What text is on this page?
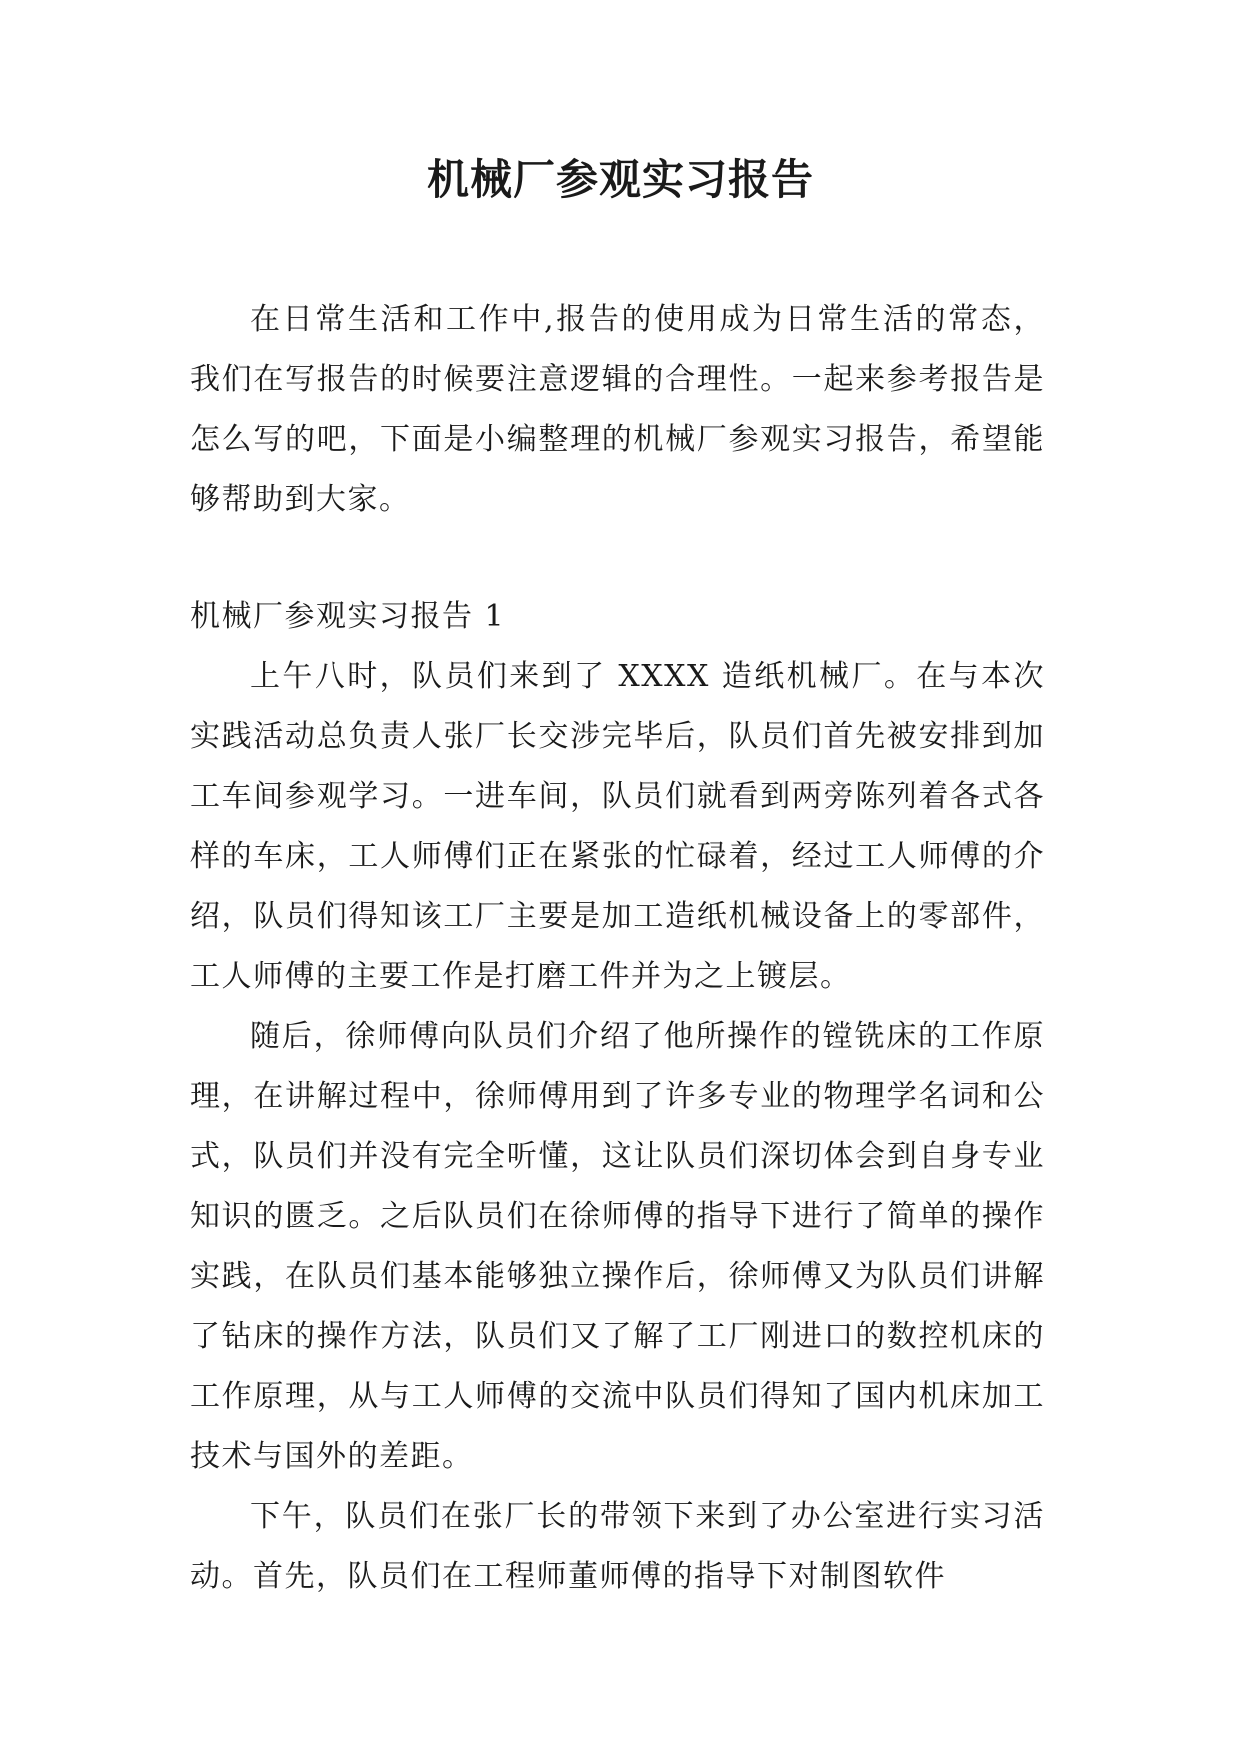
机械厂参观实习报告

在日常生活和工作中,报告的使用成为日常生活的常态，我们在写报告的时候要注意逻辑的合理性。一起来参考报告是怎么写的吧，下面是小编整理的机械厂参观实习报告，希望能够帮助到大家。

机械厂参观实习报告 1

上午八时，队员们来到了 XXXX 造纸机械厂。在与本次实践活动总负责人张厂长交涉完毕后，队员们首先被安排到加工车间参观学习。一进车间，队员们就看到两旁陈列着各式各样的车床，工人师傅们正在紧张的忙碌着，经过工人师傅的介绍，队员们得知该工厂主要是加工造纸机械设备上的零部件，工人师傅的主要工作是打磨工件并为之上镀层。

随后，徐师傅向队员们介绍了他所操作的镗铣床的工作原理，在讲解过程中，徐师傅用到了许多专业的物理学名词和公式，队员们并没有完全听懂，这让队员们深切体会到自身专业知识的匮乏。之后队员们在徐师傅的指导下进行了简单的操作实践，在队员们基本能够独立操作后，徐师傅又为队员们讲解了钻床的操作方法，队员们又了解了工厂刚进口的数控机床的工作原理，从与工人师傅的交流中队员们得知了国内机床加工技术与国外的差距。

下午，队员们在张厂长的带领下来到了办公室进行实习活动。首先，队员们在工程师董师傅的指导下对制图软件
